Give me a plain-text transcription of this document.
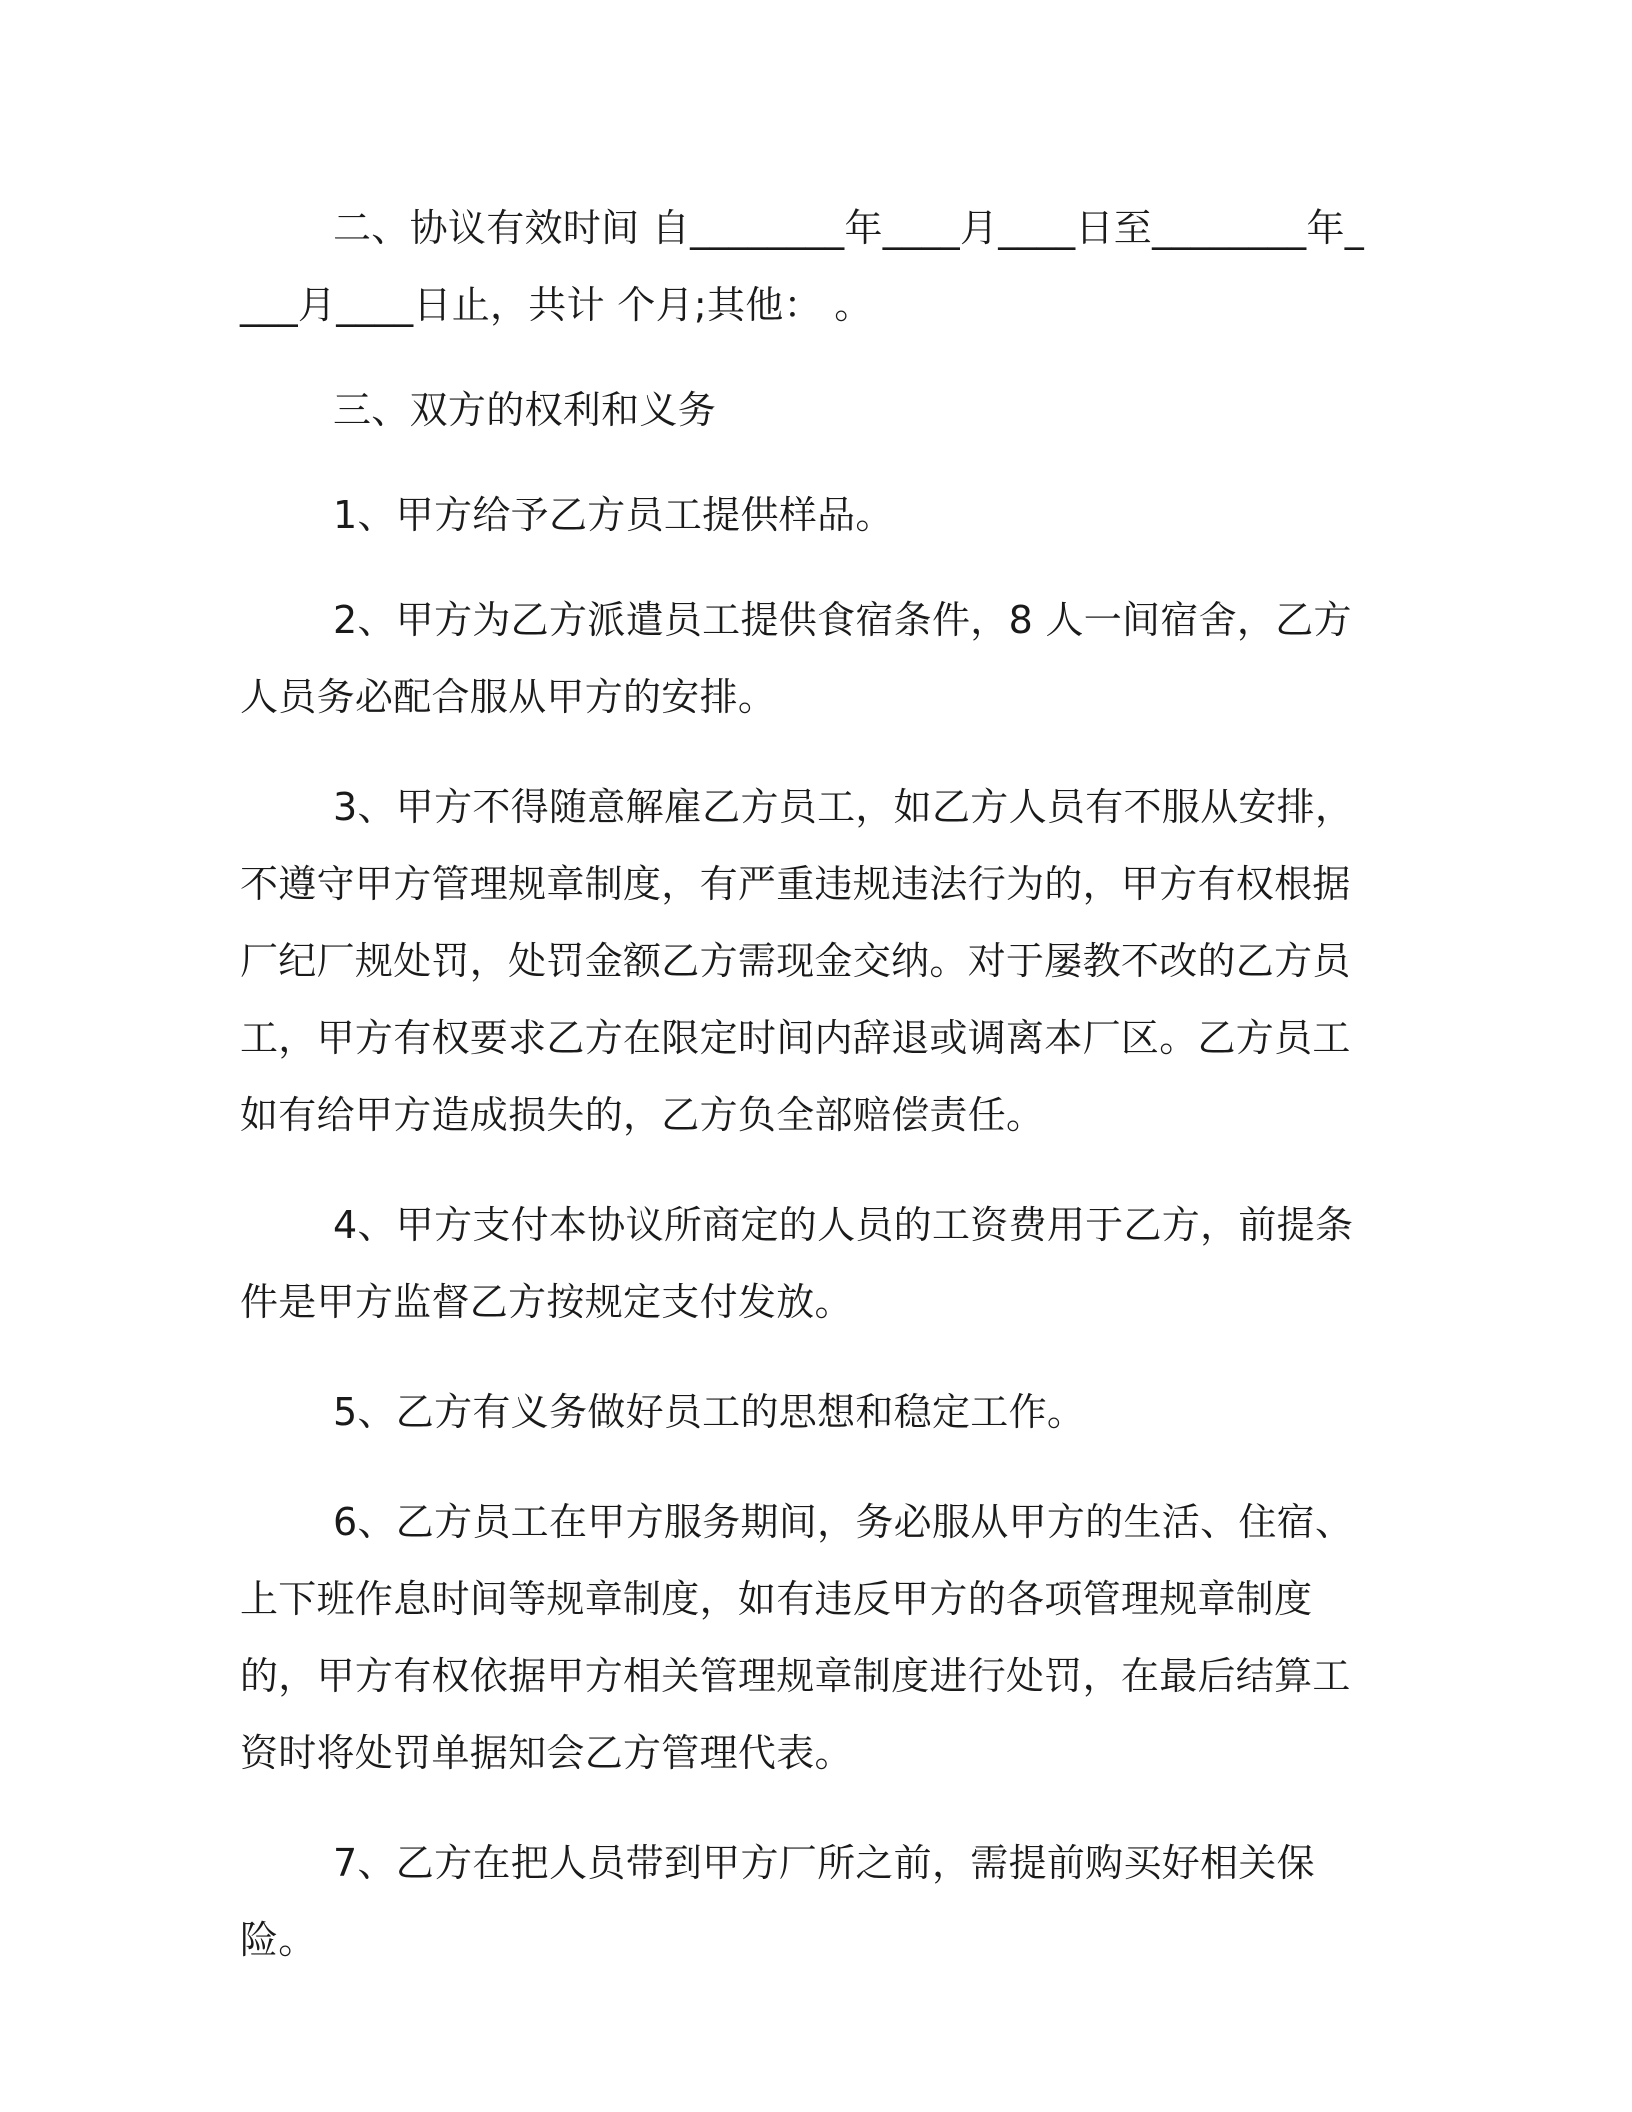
二、协议有效时间 自________年____月____日至________年____月____日止，共计 个月;其他： 。

三、双方的权利和义务

1、甲方给予乙方员工提供样品。

2、甲方为乙方派遣员工提供食宿条件，8 人一间宿舍，乙方人员务必配合服从甲方的安排。

3、甲方不得随意解雇乙方员工，如乙方人员有不服从安排，不遵守甲方管理规章制度，有严重违规违法行为的，甲方有权根据厂纪厂规处罚，处罚金额乙方需现金交纳。对于屡教不改的乙方员工，甲方有权要求乙方在限定时间内辞退或调离本厂区。乙方员工如有给甲方造成损失的，乙方负全部赔偿责任。

4、甲方支付本协议所商定的人员的工资费用于乙方，前提条件是甲方监督乙方按规定支付发放。

5、乙方有义务做好员工的思想和稳定工作。

6、乙方员工在甲方服务期间，务必服从甲方的生活、住宿、上下班作息时间等规章制度，如有违反甲方的各项管理规章制度的，甲方有权依据甲方相关管理规章制度进行处罚，在最后结算工资时将处罚单据知会乙方管理代表。

7、乙方在把人员带到甲方厂所之前，需提前购买好相关保险。
